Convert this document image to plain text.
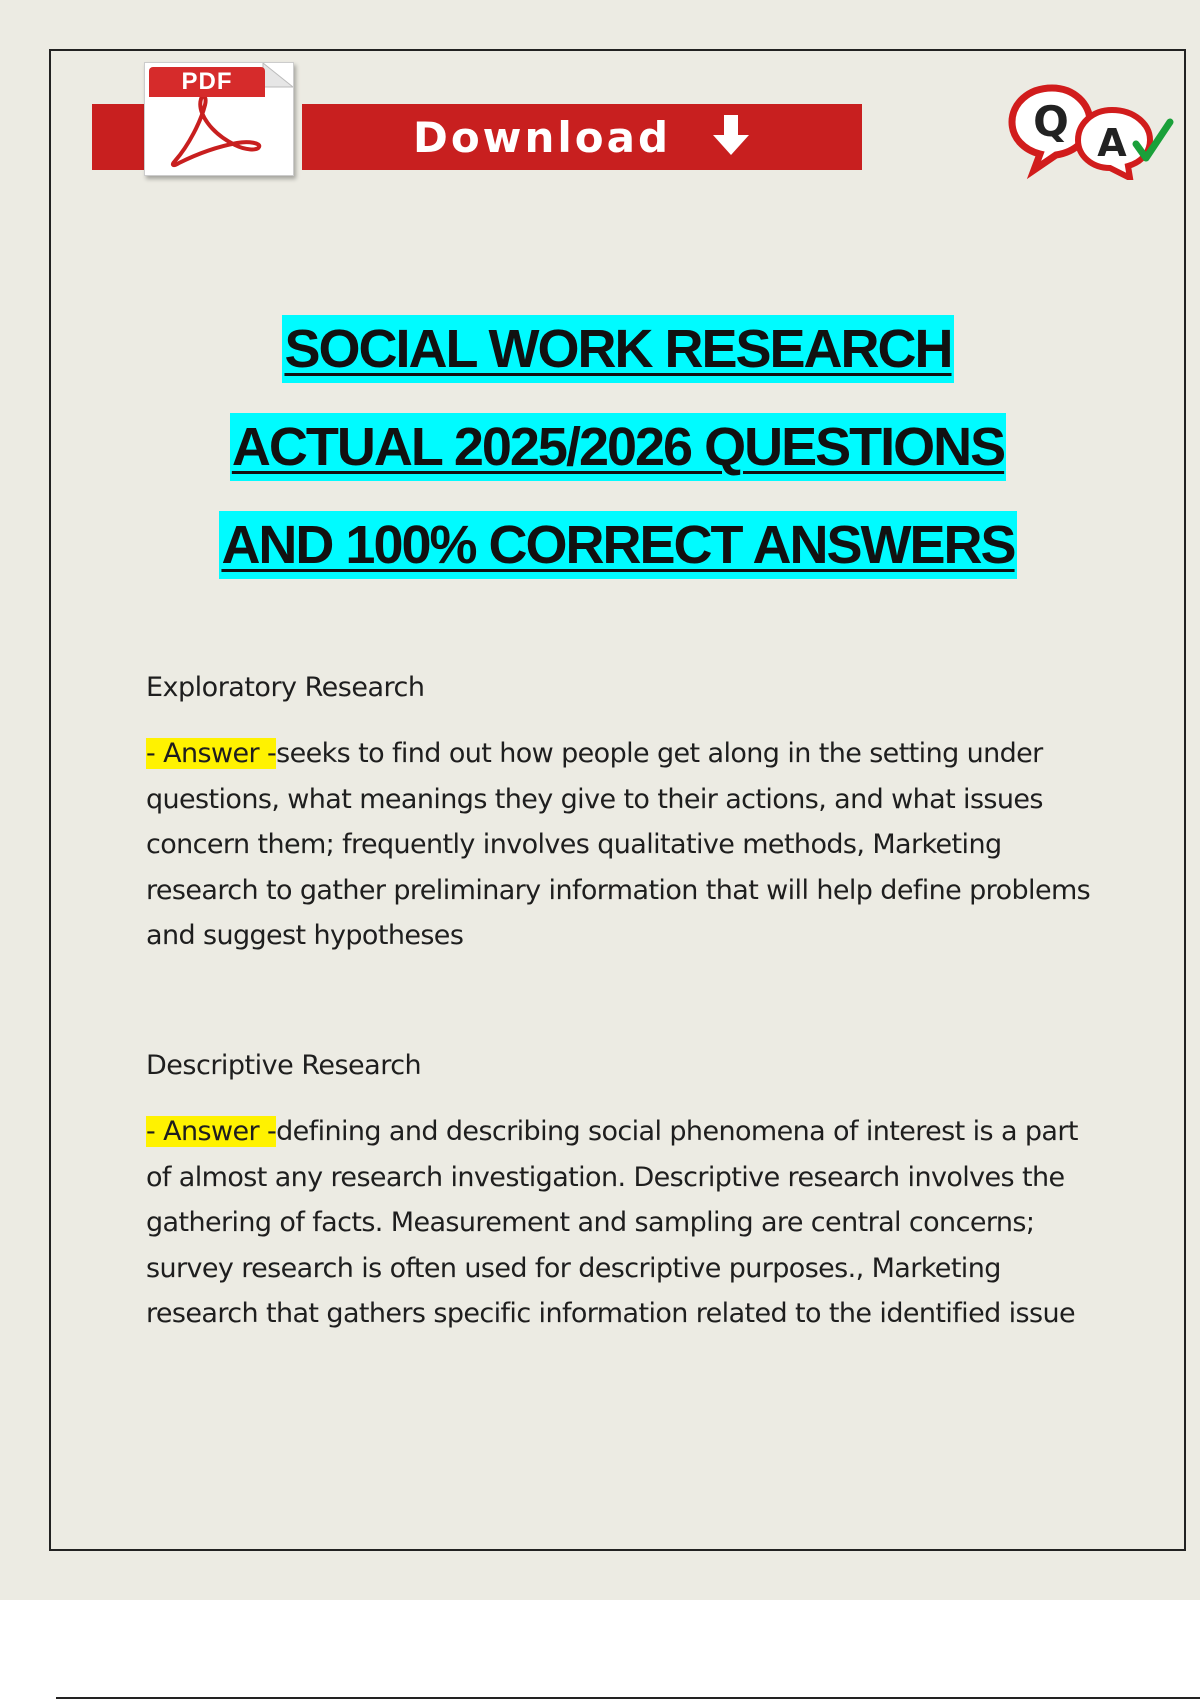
PDF
Download	Q A
SOCIAL WORK RESEARCH
ACTUAL 2025/2026 QUESTIONS
AND 100% CORRECT ANSWERS
Exploratory Research
- Answer -seeks to find out how people get along in the setting under questions, what meanings they give to their actions, and what issues concern them; frequently involves qualitative methods, Marketing research to gather preliminary information that will help define problems and suggest hypotheses
Descriptive Research
- Answer -defining and describing social phenomena of interest is a part of almost any research investigation. Descriptive research involves the gathering of facts. Measurement and sampling are central concerns; survey research is often used for descriptive purposes., Marketing research that gathers specific information related to the identified issue
